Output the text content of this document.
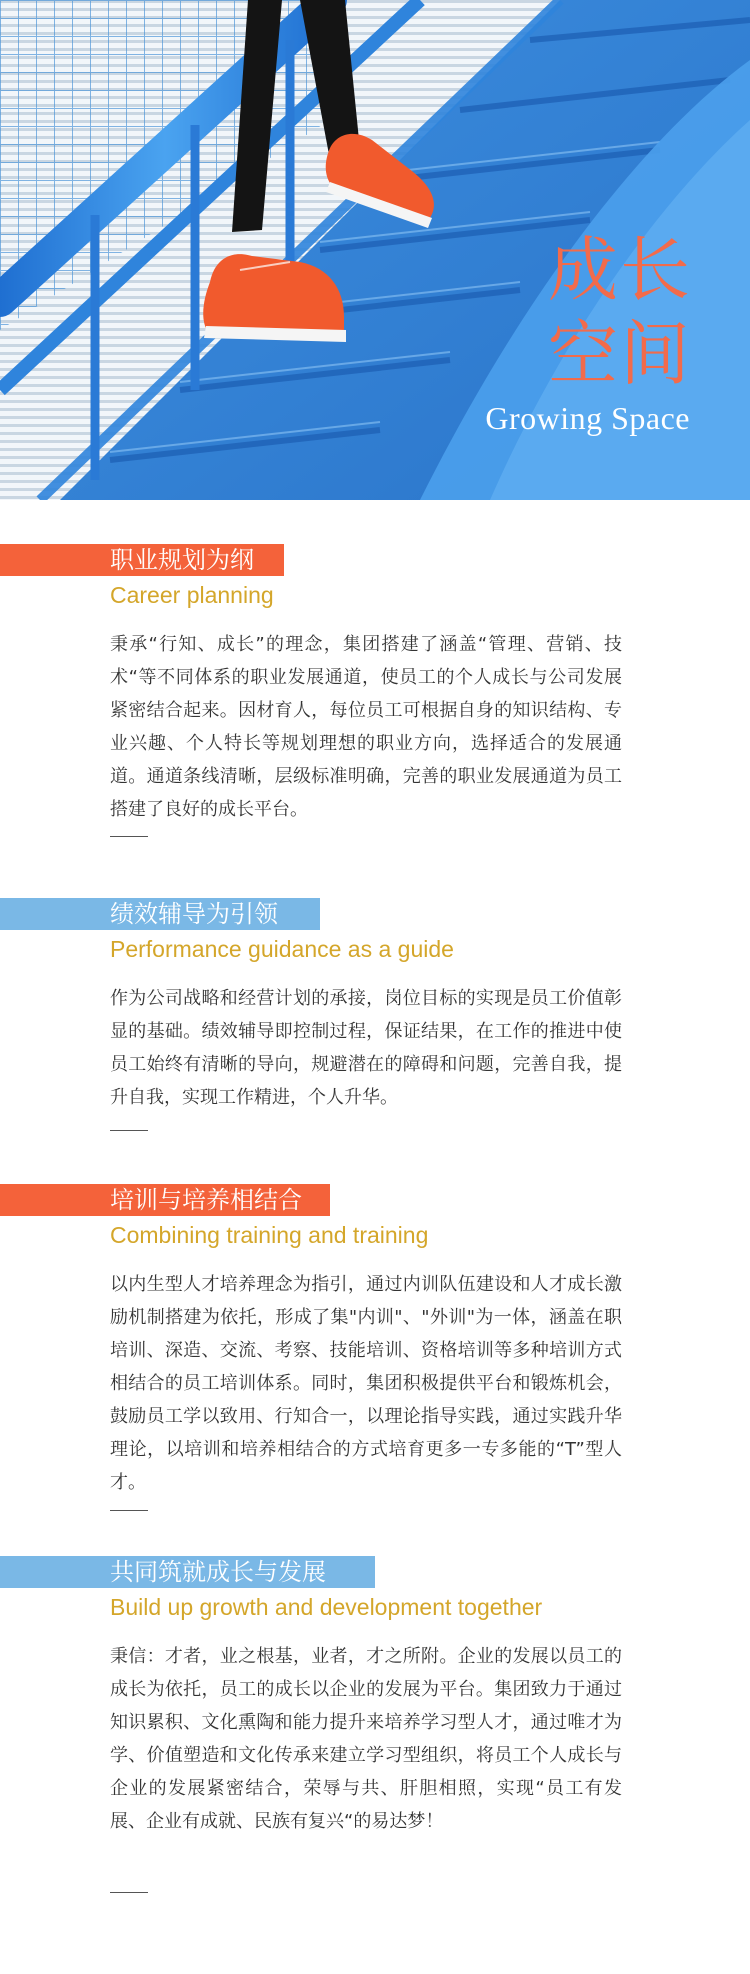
成长
空间
Growing Space
职业规划为纲
Career planning

秉承“行知、成长”的理念，集团搭建了涵盖“管理、营销、技术“等不同体系的职业发展通道，使员工的个人成长与公司发展紧密结合起来。因材育人，每位员工可根据自身的知识结构、专业兴趣、个人特长等规划理想的职业方向，选择适合的发展通道。通道条线清晰，层级标准明确，完善的职业发展通道为员工搭建了良好的成长平台。

绩效辅导为引领
Performance guidance as a guide

作为公司战略和经营计划的承接，岗位目标的实现是员工价值彰显的基础。绩效辅导即控制过程，保证结果，在工作的推进中使员工始终有清晰的导向，规避潜在的障碍和问题，完善自我，提升自我，实现工作精进，个人升华。

培训与培养相结合
Combining training and training

以内生型人才培养理念为指引，通过内训队伍建设和人才成长激励机制搭建为依托，形成了集"内训"、"外训"为一体，涵盖在职培训、深造、交流、考察、技能培训、资格培训等多种培训方式相结合的员工培训体系。同时，集团积极提供平台和锻炼机会，鼓励员工学以致用、行知合一，以理论指导实践，通过实践升华理论，以培训和培养相结合的方式培育更多一专多能的“T”型人才。

共同筑就成长与发展
Build up growth and development together

秉信：才者，业之根基，业者，才之所附。企业的发展以员工的成长为依托，员工的成长以企业的发展为平台。集团致力于通过知识累积、文化熏陶和能力提升来培养学习型人才，通过唯才为学、价值塑造和文化传承来建立学习型组织，将员工个人成长与企业的发展紧密结合，荣辱与共、肝胆相照，实现“员工有发展、企业有成就、民族有复兴“的易达梦！
